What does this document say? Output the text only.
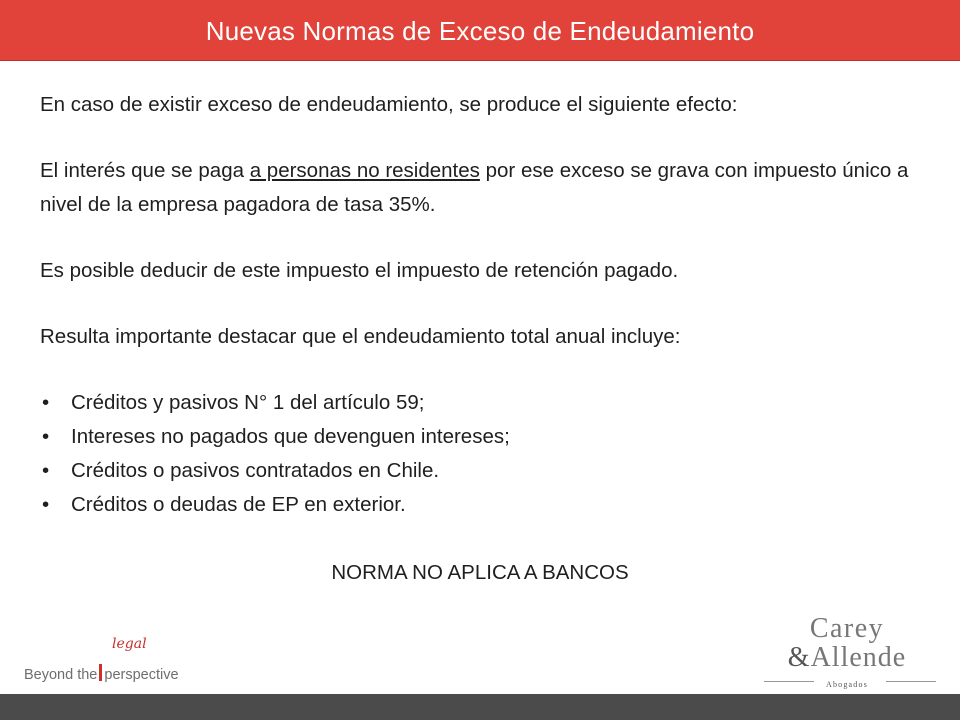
Nuevas Normas de Exceso de Endeudamiento

En caso de existir exceso de endeudamiento, se produce el siguiente efecto:

El interés que se paga a personas no residentes por ese exceso se grava con impuesto único a nivel de la empresa pagadora de tasa 35%.

Es posible deducir de este impuesto el impuesto de retención pagado.

Resulta importante destacar que el endeudamiento total anual incluye:

• Créditos y pasivos N° 1 del artículo 59;
• Intereses no pagados que devenguen intereses;
• Créditos o pasivos contratados en Chile.
• Créditos o deudas de EP en exterior.
NORMA NO APLICA A BANCOS
legal
Beyond the perspective
Carey
&Allende
Abogados
